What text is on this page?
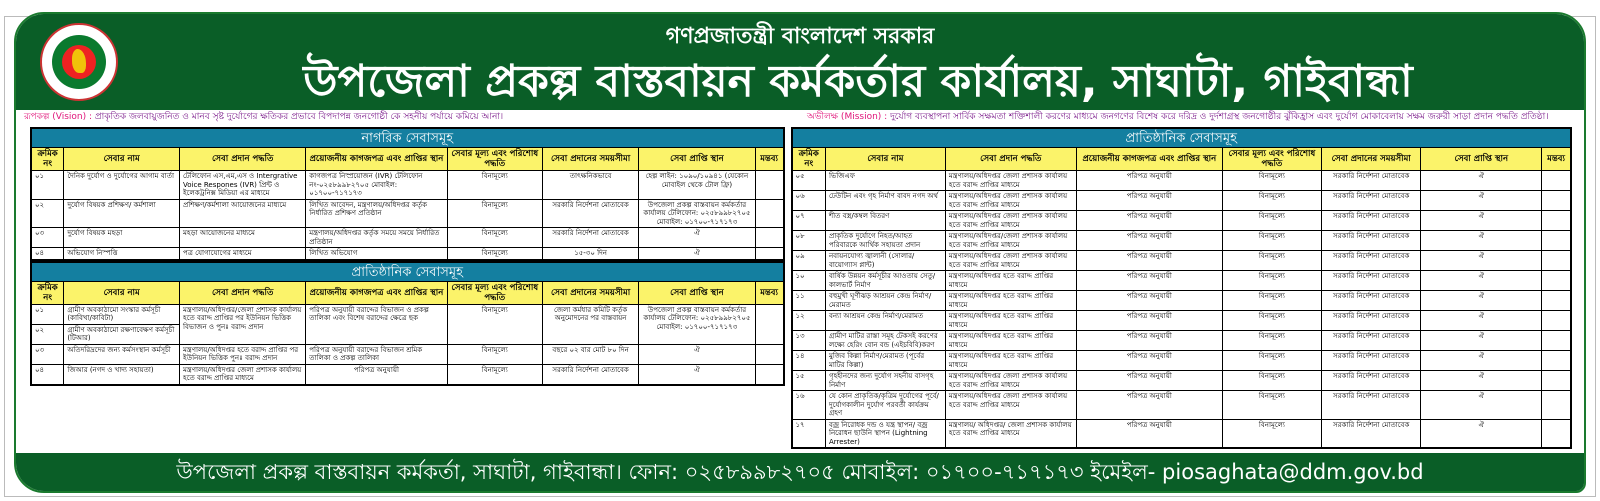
গণপ্রজাতন্ত্রী বাংলাদেশ সরকার
উপজেলা প্রকল্প বাস্তবায়ন কর্মকর্তার কার্যালয়, সাঘাটা, গাইবান্ধা
রূপকল্প (Vision) : প্রাকৃতিক জলবায়ুজনিত ও মানব সৃষ্ট দুর্যোগের ক্ষতিকর প্রভাবে বিপদাপন্ন জনগোষ্ঠী কে সহনীয় পর্যায়ে কমিয়ে আনা।	অভীলক্ষ (Mission) : দুর্যোগ ব্যবস্থাপনা সার্বিক সক্ষমতা শক্তিশালী করণের মাধ্যমে জনগণের বিশেষ করে দরিদ্র ও দুর্দশাগ্রস্থ জনগোষ্ঠীর ঝুঁকিহ্রাস এবং দুর্যোগ মোকাবেলায় সক্ষম জরুরী সাড়া প্রদান পদ্ধতি প্রতিষ্ঠা।
নাগরিক সেবাসমূহ
ক্রমিক নং	সেবার নাম	সেবা প্রদান পদ্ধতি	প্রয়োজনীয় কাগজপত্র এবং প্রাপ্তির স্থান	সেবার মূল্য এবং পরিশোধ পদ্ধতি	সেবা প্রদানের সময়সীমা	সেবা প্রাপ্তি স্থান	মন্তব্য
০১	দৈনিক দুর্যোগ ও দুর্যোগের আগাম বার্তা	টেলিফোন এস,এম,এস ও Intergrative Voice Respones (IVR) প্রিন্ট ও ইলেকট্রনিক্স মিডিয়া এর মাধ্যমে	কাগজপত্র নিস্প্রয়োজন (IVR) টেলিফোন নং-০২৫৮৯৯৮২৭০৫ মোবাইল: ০১৭০০-৭১৭১৭৩	বিনামূল্যে	তাৎক্ষনিকভাবে	হেল্প লাইন: ১০৯০/১০৯৪১ (যেকোন মোবাইল থেকে টোল ফ্রি)	
০২	দুর্যোগ বিষয়ক প্রশিক্ষণ/ কর্মশালা	প্রশিক্ষণ/কর্মশালা আয়োজনের মাধ্যমে	লিখিত আবেদন, মন্ত্রণালয়/অধিদপ্তর কর্তৃক নির্ধারিত প্রশিক্ষণ প্রতিষ্ঠান	বিনামূল্যে	সরকারি নির্দেশনা মোতাবেক	উপজেলা প্রকল্প বাস্তবায়ন কর্মকর্তার কার্যালয় টেলিফোন: ০২৫৮৯৯৮২৭০৫ মোবাইল: ০১৭০০-৭১৭১৭৩	
০৩	দুর্যোগ বিষয়ক মহড়া	মহড়া আয়োজনের মাধ্যমে	মন্ত্রণালয়/অধিদপ্তর কর্তৃক সময়ে সময়ে নির্ধারিত প্রতিষ্ঠান	বিনামূল্যে	সরকারি নির্দেশনা মোতাবেক	ঐ	
০৪	অভিযোগ নিস্পত্তি	পত্র যোগাযোগের মাধ্যমে	লিখিত অভিযোগ	বিনামূল্যে	১৫-৩০ দিন	ঐ	
প্রাতিষ্ঠানিক সেবাসমূহ
ক্রমিক নং	সেবার নাম	সেবা প্রদান পদ্ধতি	প্রয়োজনীয় কাগজপত্র এবং প্রাপ্তির স্থান	সেবার মূল্য এবং পরিশোধ পদ্ধতি	সেবা প্রদানের সময়সীমা	সেবা প্রাপ্তি স্থান	মন্তব্য
০১	গ্রামীণ অবকাঠামো সংস্কার কর্মসূচী (কাবিখা/কাবিটা)	মন্ত্রণালয়/অধিদপ্তর/জেলা প্রশাসক কার্যালয় হতে বরাদ্দ প্রাপ্তির পর ইউনিয়ন ভিত্তিক বিভাজন ও পুনঃ বরাদ্দ প্রদান	পরিপত্র অনুযায়ী বরাদ্দের বিভাজন ও প্রকল্প তালিকা এবং বিশেষ বরাদ্দের ক্ষেত্রে ছক	বিনামূল্যে	জেলা কর্মধার কমিটি কর্তৃক অনুমোদনের পর বাস্তবায়ন	উপজেলা প্রকল্প বাস্তবায়ন কর্মকর্তার কার্যালয় টেলিফোন: ০২৫৮৯৯৮২৭০৫ মোবাইল: ০১৭০০-৭১৭১৭৩	
০২	গ্রামীণ অবকাঠামো রক্ষণাবেক্ষণ কর্মসূচী (টিআর)						
০৩	অতিদরিদ্রদের জন্য কর্মসংস্থান কর্মসূচী	মন্ত্রণালয়/অধিদপ্তর হতে বরাদ্দ প্রাপ্তির পর ইউনিয়ন ভিত্তিক পুনঃ বরাদ্দ প্রদান	পরিপত্র অনুযায়ী বরাদ্দের বিভাজন শ্রমিক তালিকা ও প্রকল্প তালিকা	বিনামূল্যে	বছরে ০২ বার মোট ৮০ দিন	ঐ	
০৪	জিআর (নগদ ও খাদ্য সহায়তা)	মন্ত্রণালয়/অধিদপ্তর জেলা প্রশাসক কার্যালয় হতে বরাদ্দ প্রাপ্তির মাধ্যমে	পরিপত্র অনুযায়ী	বিনামূল্যে	সরকারি নির্দেশনা মোতাবেক	ঐ	
প্রাতিষ্ঠানিক সেবাসমূহ
ক্রমিক নং	সেবার নাম	সেবা প্রদান পদ্ধতি	প্রয়োজনীয় কাগজপত্র এবং প্রাপ্তির স্থান	সেবার মূল্য এবং পরিশোধ পদ্ধতি	সেবা প্রদানের সময়সীমা	সেবা প্রাপ্তি স্থান	মন্তব্য
০৫	ভিজিএফ	মন্ত্রণালয়/অধিদপ্তর জেলা প্রশাসক কার্যালয় হতে বরাদ্দ প্রাপ্তির মাধ্যমে	পরিপত্র অনুযায়ী	বিনামূল্যে	সরকারি নির্দেশনা মোতাবেক	ঐ	
০৬	ঢেউটিন এবং গৃহ নির্মাণ বাবদ নগদ অর্থ	মন্ত্রণালয়/অধিদপ্তর জেলা প্রশাসক কার্যালয় হতে বরাদ্দ প্রাপ্তির মাধ্যমে	পরিপত্র অনুযায়ী	বিনামূল্যে	সরকারি নির্দেশনা মোতাবেক	ঐ	
০৭	শীত বস্ত্র/কম্বল বিতরণ	মন্ত্রণালয়/অধিদপ্তর জেলা প্রশাসক কার্যালয় হতে বরাদ্দ প্রাপ্তির মাধ্যমে	পরিপত্র অনুযায়ী	বিনামূল্যে	সরকারি নির্দেশনা মোতাবেক	ঐ	
০৮	প্রাকৃতিক দুর্যোগে নিহত/আহত পরিবারকে আর্থিক সহায়তা প্রদান	মন্ত্রণালয়/অধিদপ্তর/জেলা প্রশাসক কার্যালয় হতে বরাদ্দ প্রাপ্তির মাধ্যমে	পরিপত্র অনুযায়ী	বিনামূল্যে	সরকারি নির্দেশনা মোতাবেক	ঐ	
০৯	নবায়নযোগ্য জ্বালানী (সোলার/বায়োগ্যাস প্লান্ট)	মন্ত্রণালয়/অধিদপ্তর জেলা প্রশাসক কার্যালয় হতে বরাদ্দ প্রাপ্তির মাধ্যমে	পরিপত্র অনুযায়ী	বিনামূল্যে	সরকারি নির্দেশনা মোতাবেক	ঐ	
১০	বার্ষিক উন্নয়ন কর্মসূচীর আওতায় সেতু/কালভার্ট নির্মাণ	মন্ত্রণালয়/অধিদপ্তর হতে বরাদ্দ প্রাপ্তির মাধ্যমে	পরিপত্র অনুযায়ী	বিনামূল্যে	সরকারি নির্দেশনা মোতাবেক	ঐ	
১১	বহুমুখী ঘূর্ণীঝড় আশ্রয়ন কেন্দ্র নির্মাণ/মেরামত	মন্ত্রণালয়/অধিদপ্তর হতে বরাদ্দ প্রাপ্তির মাধ্যমে	পরিপত্র অনুযায়ী	বিনামূল্যে	সরকারি নির্দেশনা মোতাবেক	ঐ	
১২	বন্যা আশ্রয়ন কেন্দ্র নির্মাণ/মেরামত	মন্ত্রণালয়/অধিদপ্তর হতে বরাদ্দ প্রাপ্তির মাধ্যমে	পরিপত্র অনুযায়ী	বিনামূল্যে	সরকারি নির্দেশনা মোতাবেক	ঐ	
১৩	গ্রামীণ মাটির রাস্তা সমূহ টেকসই করণের লক্ষ্যে হেরিং বোন বন্ড (এইচবিবি)করণ	মন্ত্রণালয়/অধিদপ্তর হতে বরাদ্দ প্রাপ্তির মাধ্যমে	পরিপত্র অনুযায়ী	বিনামূল্যে	সরকারি নির্দেশনা মোতাবেক	ঐ	
১৪	মুজিব কিল্লা নির্মাণ/মেরামত (পূর্বের মাটির কিল্লা)	মন্ত্রণালয়/অধিদপ্তর হতে বরাদ্দ প্রাপ্তির মাধ্যমে	পরিপত্র অনুযায়ী	বিনামূল্যে	সরকারি নির্দেশনা মোতাবেক	ঐ	
১৫	গৃহহীনদের জন্য দুর্যোগ সহনীয় বাসগৃহ নির্মাণ	মন্ত্রণালয়/অধিদপ্তর জেলা প্রশাসক কার্যালয় হতে বরাদ্দ প্রাপ্তির মাধ্যমে	পরিপত্র অনুযায়ী	বিনামূল্যে	সরকারি নির্দেশনা মোতাবেক	ঐ	
১৬	যে কোন প্রাকৃতিক/কৃত্রিম দুর্যোগের পূর্বে/দুর্যোগকালীন দুর্যোগ পরবর্তী কার্যক্রম গ্রহণ	মন্ত্রণালয়/অধিদপ্তর জেলা প্রশাসক কার্যালয় হতে বরাদ্দ প্রাপ্তির মাধ্যমে	পরিপত্র অনুযায়ী	বিনামূল্যে	সরকারি নির্দেশনা মোতাবেক	ঐ	
১৭	বজ্র নিরোধক দন্ড ও যন্ত্র স্থাপন/ বজ্র নিরোধন ছাউনি স্থাপন (Lightning Arrester)	মন্ত্রণালয়/ অধিদপ্তর/ জেলা প্রশাসক কার্যালয় হতে বরাদ্দ প্রাপ্তির মাধ্যমে	পরিপত্র অনুযায়ী	বিনামূল্যে	সরকারি নির্দেশনা মোতাবেক	ঐ	
উপজেলা প্রকল্প বাস্তবায়ন কর্মকর্তা, সাঘাটা, গাইবান্ধা। ফোন: ০২৫৮৯৯৮২৭০৫ মোবাইল: ০১৭০০-৭১৭১৭৩ ইমেইল- piosaghata@ddm.gov.bd
